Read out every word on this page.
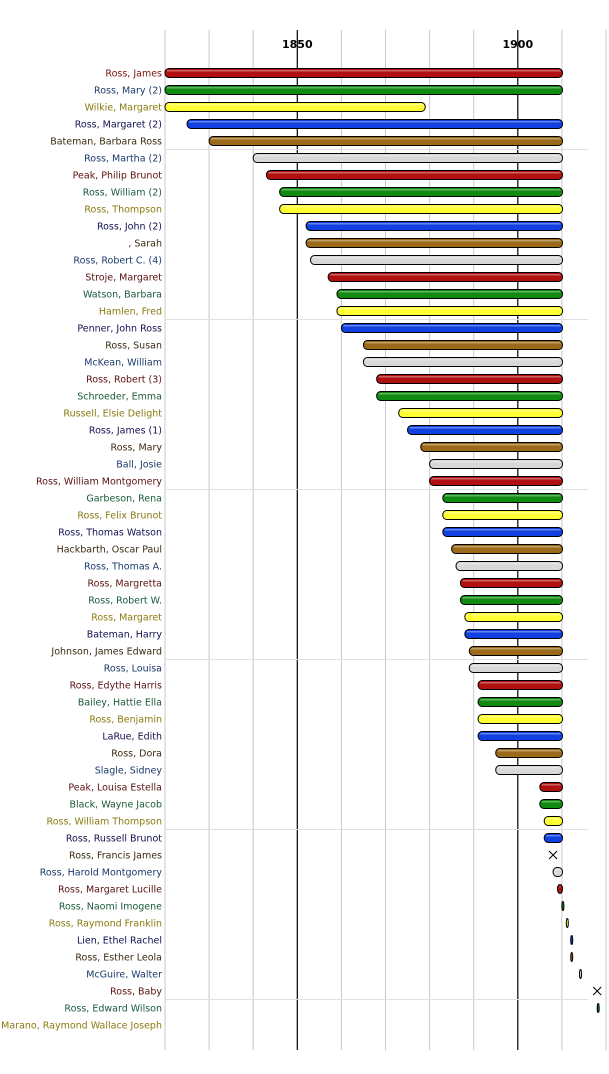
1850	1900
Ross, James
Ross, Mary (2)
Wilkie, Margaret
Ross, Margaret (2)
Bateman, Barbara Ross
Ross, Martha (2)
Peak, Philip Brunot
Ross, William (2)
Ross, Thompson
Ross, John (2)
, Sarah
Ross, Robert C. (4)
Stroje, Margaret
Watson, Barbara
Hamlen, Fred
Penner, John Ross
Ross, Susan
McKean, William
Ross, Robert (3)
Schroeder, Emma
Russell, Elsie Delight
Ross, James (1)
Ross, Mary
Ball, Josie
Ross, William Montgomery
Garbeson, Rena
Ross, Felix Brunot
Ross, Thomas Watson
Hackbarth, Oscar Paul
Ross, Thomas A.
Ross, Margretta
Ross, Robert W.
Ross, Margaret
Bateman, Harry
Johnson, James Edward
Ross, Louisa
Ross, Edythe Harris
Bailey, Hattie Ella
Ross, Benjamin
LaRue, Edith
Ross, Dora
Slagle, Sidney
Peak, Louisa Estella
Black, Wayne Jacob
Ross, William Thompson
Ross, Russell Brunot
Ross, Francis James
Ross, Harold Montgomery
Ross, Margaret Lucille
Ross, Naomi Imogene
Ross, Raymond Franklin
Lien, Ethel Rachel
Ross, Esther Leola
McGuire, Walter
Ross, Baby
Ross, Edward Wilson
Marano, Raymond Wallace Joseph
